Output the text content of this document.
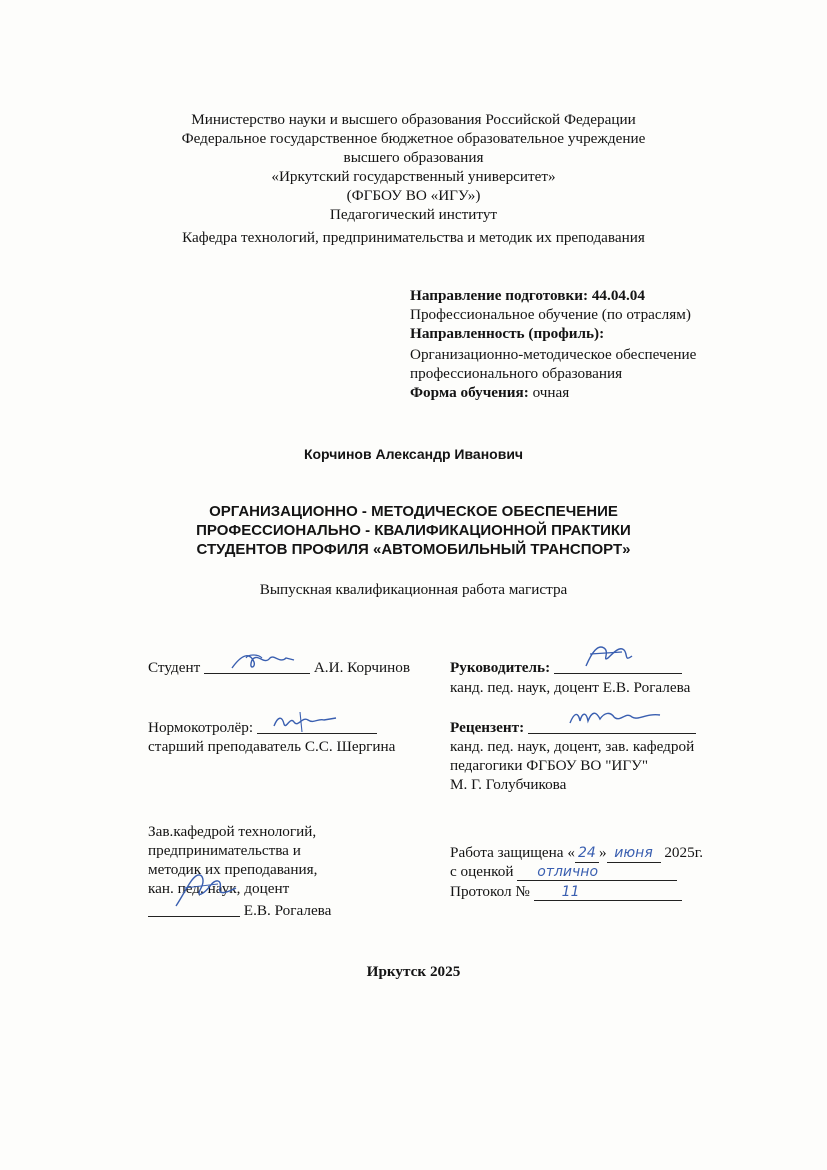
Министерство науки и высшего образования Российской Федерации
Федеральное государственное бюджетное образовательное учреждение
высшего образования
«Иркутский государственный университет»
(ФГБОУ ВО «ИГУ»)
Педагогический институт
Кафедра технологий, предпринимательства и методик их преподавания
Направление подготовки: 44.04.04
Профессиональное обучение (по отраслям)
Направленность (профиль):
Организационно-методическое обеспечение
профессионального образования
Форма обучения: очная
Корчинов Александр Иванович
ОРГАНИЗАЦИОННО - МЕТОДИЧЕСКОЕ ОБЕСПЕЧЕНИЕ
ПРОФЕССИОНАЛЬНО - КВАЛИФИКАЦИОННОЙ ПРАКТИКИ
СТУДЕНТОВ ПРОФИЛЯ «АВТОМОБИЛЬНЫЙ ТРАНСПОРТ»
Выпускная квалификационная работа магистра
Студент	А.И. Корчинов	Руководитель:
канд. пед. наук, доцент Е.В. Рогалева
Нормокотролёр:
старший преподаватель С.С. Шергина
Рецензент:
канд. пед. наук, доцент, зав. кафедрой
педагогики ФГБОУ ВО "ИГУ"
М. Г. Голубчикова
Зав.кафедрой технологий,
предпринимательства и
методик их преподавания,
кан. пед. наук, доцент
Е.В. Рогалева
Работа защищена « 24 » июня 2025г.
с оценкой отлично
Протокол № 11
Иркутск 2025
